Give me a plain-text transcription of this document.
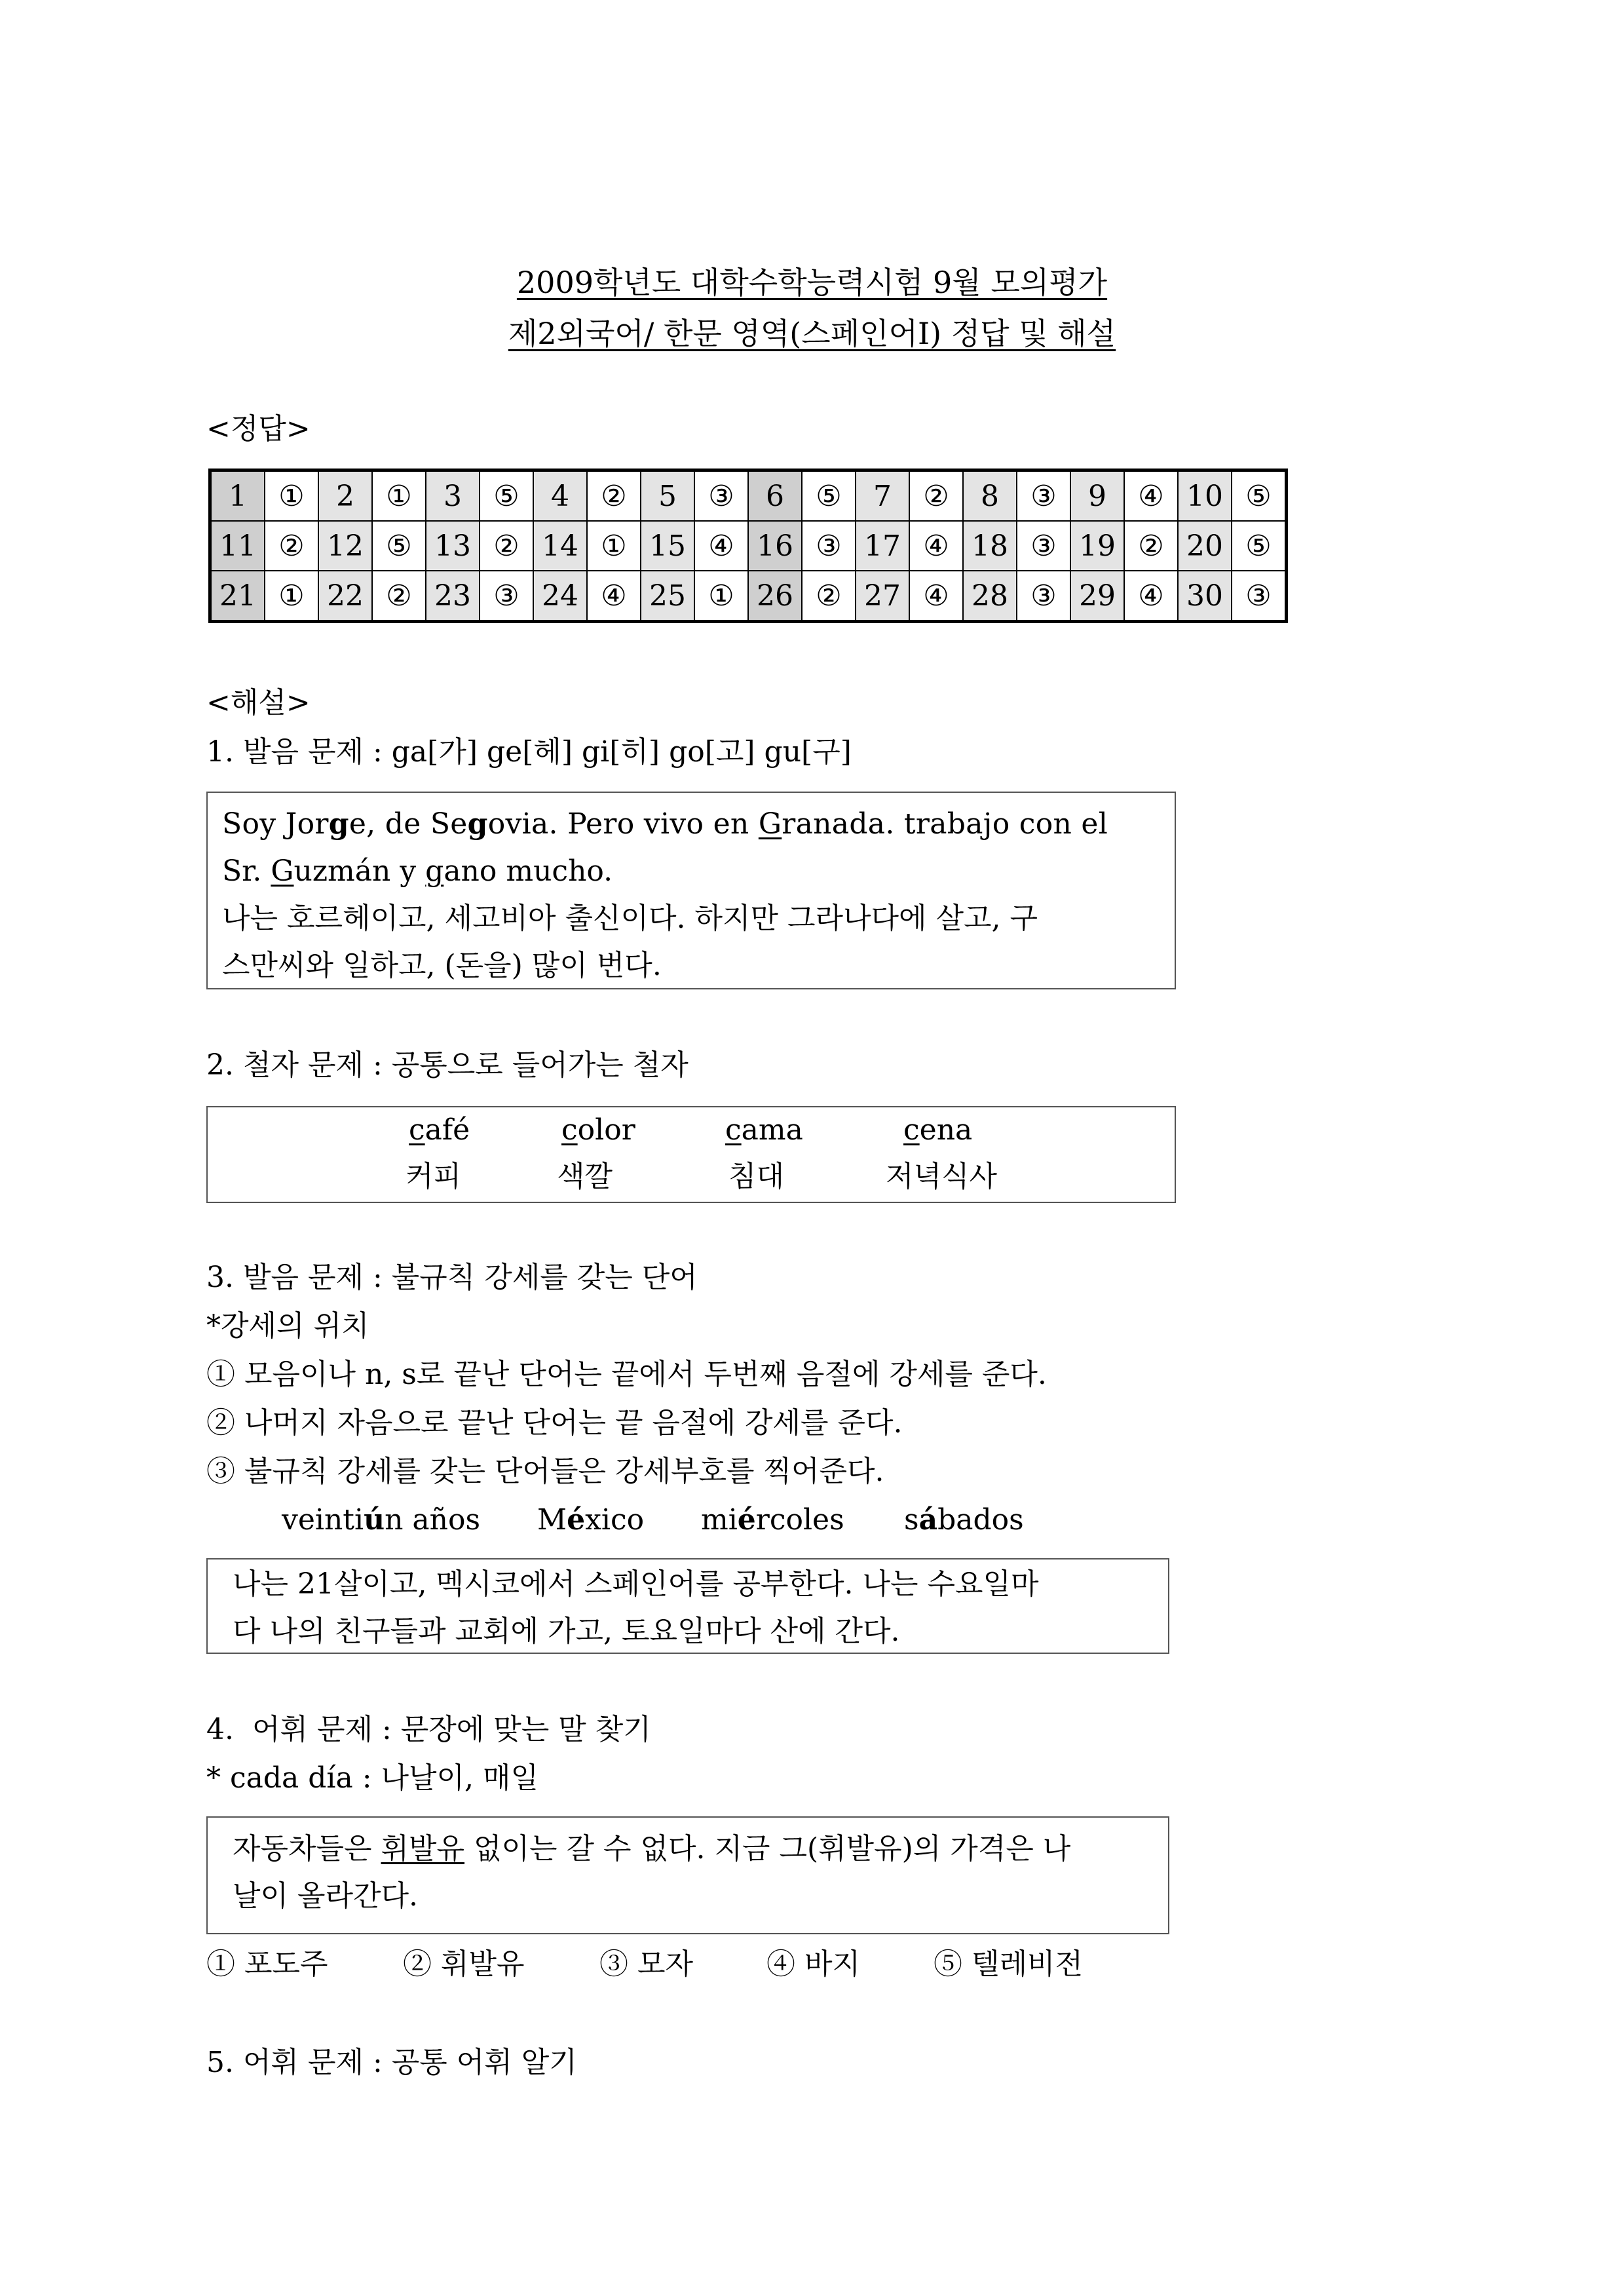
2009학년도 대학수학능력시험 9월 모의평가
제2외국어/ 한문 영역(스페인어Ⅰ) 정답 및 해설
<정답>
1	①	2	①	3	⑤	4	②	5	③	6	⑤	7	②	8	③	9	④	10	⑤
11	②	12	⑤	13	②	14	①	15	④	16	③	17	④	18	③	19	②	20	⑤
21	①	22	②	23	③	24	④	25	①	26	②	27	④	28	③	29	④	30	③
<해설>
1. 발음 문제 : ga[가] ge[헤] gi[히] go[고] gu[구]
Soy Jorge, de Segovia. Pero vivo en Granada. trabajo con el
Sr. Guzmán y gano mucho.
나는 호르헤이고, 세고비아 출신이다. 하지만 그라나다에 살고, 구
스만씨와 일하고, (돈을) 많이 번다.
2. 철자 문제 : 공통으로 들어가는 철자
café	color	cama	cena
커피	색깔	침대	저녁식사
3. 발음 문제 : 불규칙 강세를 갖는 단어
*강세의 위치
① 모음이나 n, s로 끝난 단어는 끝에서 두번째 음절에 강세를 준다.
② 나머지 자음으로 끝난 단어는 끝 음절에 강세를 준다.
③ 불규칙 강세를 갖는 단어들은 강세부호를 찍어준다.
veintiún años México miércoles sábados
나는 21살이고, 멕시코에서 스페인어를 공부한다. 나는 수요일마
다 나의 친구들과 교회에 가고, 토요일마다 산에 간다.
4.  어휘 문제 : 문장에 맞는 말 찾기
* cada día : 나날이, 매일
자동차들은 휘발유 없이는 갈 수 없다. 지금 그(휘발유)의 가격은 나
날이 올라간다.
① 포도주	② 휘발유	③ 모자	④ 바지	⑤ 텔레비전
5. 어휘 문제 : 공통 어휘 알기
